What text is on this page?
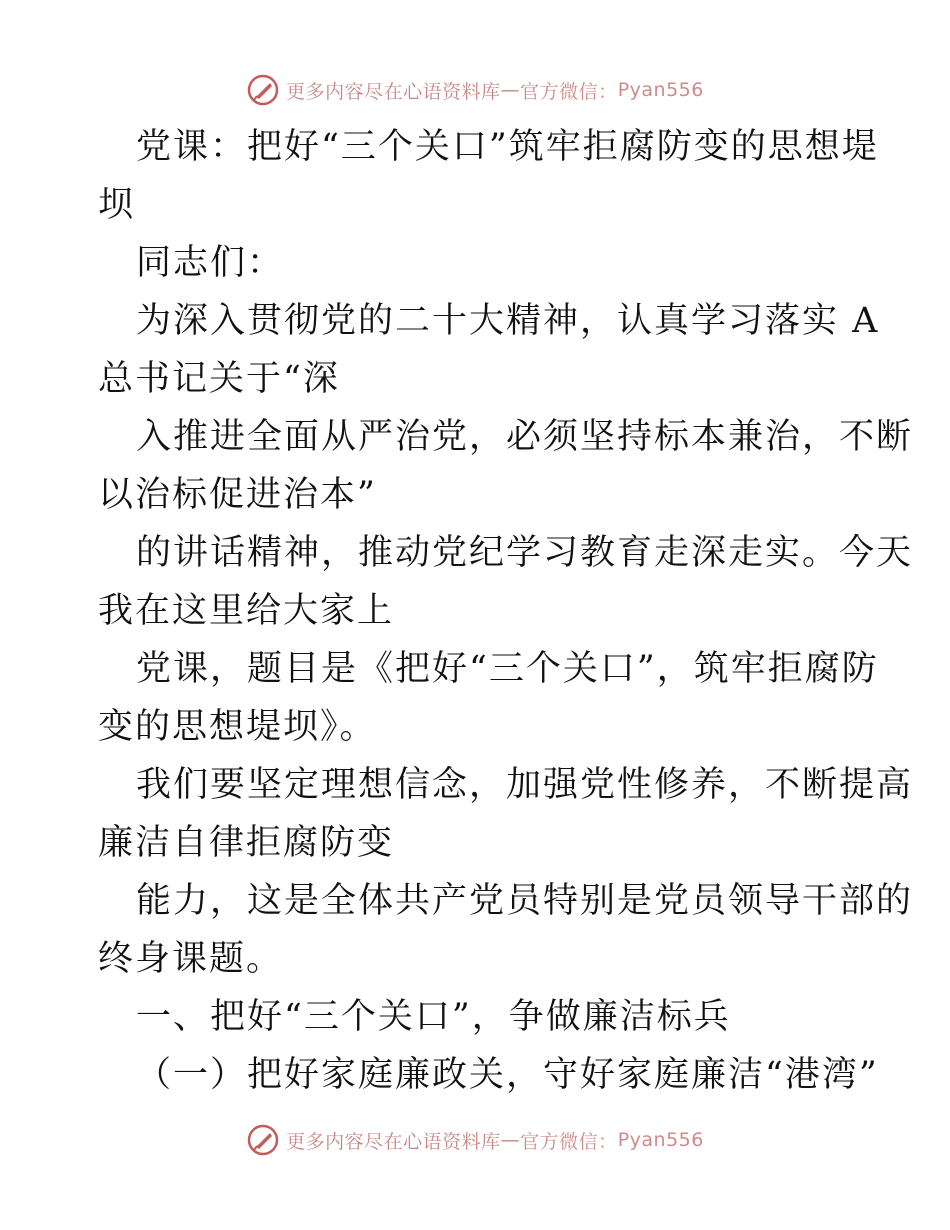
更多内容尽在心语资料库 — 官方微信： Pyan556
党课：把好“三个关口”筑牢拒腐防变的思想堤
坝
同志们：
为深入贯彻党的二十大精神，认真学习落实 A
总书记关于“深
入推进全面从严治党，必须坚持标本兼治，不断
以治标促进治本”
的讲话精神，推动党纪学习教育走深走实。今天
我在这里给大家上
党课，题目是《把好“三个关口”，筑牢拒腐防
变的思想堤坝》。
我们要坚定理想信念，加强党性修养，不断提高
廉洁自律拒腐防变
能力，这是全体共产党员特别是党员领导干部的
终身课题。
一、把好“三个关口”，争做廉洁标兵
（一）把好家庭廉政关，守好家庭廉洁“港湾”
更多内容尽在心语资料库 — 官方微信： Pyan556
